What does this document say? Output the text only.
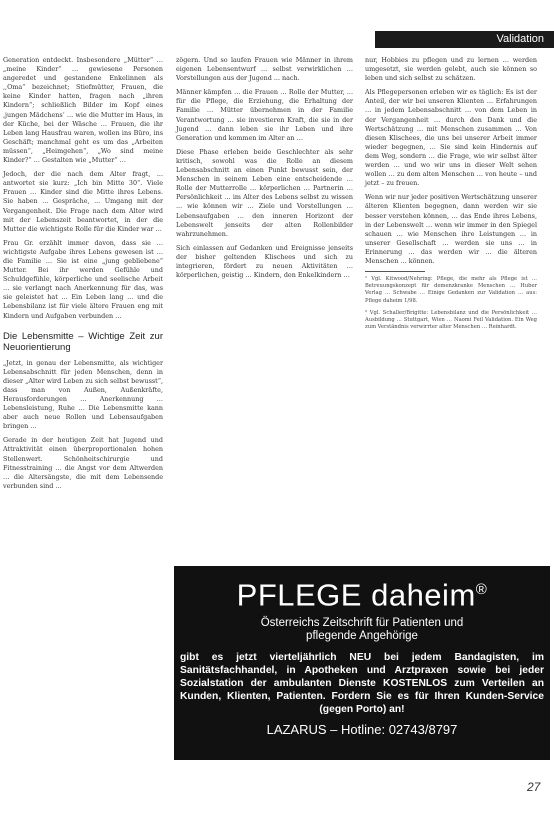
Validation

Generation entdeckt. Insbesondere „Mütter“ … „meine Kinder“ … gewiesene Personen angeredet und gestandene Enkelinnen als ,,Oma“ bezeichnet; Stiefmütter, Frauen, die keine Kinder hatten, fragen nach „ihren Kindern“; schließlich Bilder im Kopf eines ‚jungen Mädchens‘ … wie die Mutter im Haus, in der Küche, bei der Wäsche … Frauen, die ihr Leben lang Hausfrau waren, wollen ins Büro, ins Geschäft; manchmal geht es um das „Arbeiten müssen“, „Heimgehen“, „Wo sind meine Kinder?“ … Gestalten wie „Mutter“ …

Jedoch, der die nach dem Alter fragt, ... antwortet sie kurz: „Ich bin Mitte 30“. Viele Frauen … Kinder sind die Mitte ihres Lebens. Sie haben ... Gespräche, ... Umgang mit der Vergangenheit. Die Frage nach dem Alter wird mit der Lebenszeit beantwortet, in der die Mutter die wichtigste Rolle für die Kinder war …

Frau Gr. erzählt immer davon, dass sie … wichtigste Aufgabe ihres Lebens gewesen ist … die Familie … Sie ist eine „jung gebliebene“ Mutter. Bei ihr werden Gefühle und Schuldgefühle, körperliche und seelische Arbeit … sie verlangt nach Anerkennung für das, was sie geleistet hat … Ein Leben lang … und die Lebensbilanz ist für viele ältere Frauen eng mit Kindern und Aufgaben verbunden …

Die Lebensmitte – Wichtige Zeit zur Neuorientierung

„Jetzt, in genau der Lebensmitte, als wichtiger Lebensabschnitt für jeden Menschen, denn in dieser „Alter wird Leben zu sich selbst bewusst“, dass man von Außen, Außenkräfte, Herausforderungen … Anerkennung … Lebensleistung, Ruhe … Die Lebensmitte kann aber auch neue Rollen und Lebensaufgaben bringen …

Gerade in der heutigen Zeit hat Jugend und Attraktivität einen überproportionalen hohen Stellenwert. Schönheitschirurgie und Fitnesstraining … die Angst vor dem Altwerden … die Altersängste, die mit dem Lebensende verbunden sind …

zögern. Und so laufen Frauen wie Männer in ihrem eigenen Lebensentwurf … selbst verwirklichen … Vorstellungen aus der Jugend ... nach.

Männer kämpfen … die Frauen … Rolle der Mutter, ... für die Pflege, die Erziehung, die Erhaltung der Familie … Mütter übernehmen in der Familie Verantwortung … sie investieren Kraft, die sie in der Jugend … dann leben sie ihr Leben und ihre Generation und kommen im Alter an …

Diese Phase erleben beide Geschlechter als sehr kritisch, sowohl was die Rolle an diesem Lebensabschnitt an einen Punkt bewusst sein, der Menschen in seinem Leben eine entscheidende … Rolle der Mutterrolle … körperlichen … Partnerin … Persönlichkeit … im Alter des Lebens selbst zu wissen ... wie können wir … Ziele und Vorstellungen … Lebensaufgaben … den inneren Horizont der Lebenswelt jenseits der alten Rollenbilder wahrzunehmen.

Sich einlassen auf Gedanken und Ereignisse jenseits der bisher geltenden Klischees und sich zu integrieren, fördert zu neuen Aktivitäten … körperlichen, geistig … Kindern, den Enkelkindern …

nur, Hobbies zu pflegen und zu lernen … werden umgesetzt, sie werden gelebt, auch sie können so leben und sich selbst zu schätzen.

Als Pflegepersonen erleben wir es täglich: Es ist der Anteil, der wir bei unseren Klienten … Erfahrungen … in jedem Lebensabschnitt … von dem Leben in der Vergangenheit … durch den Dank und die Wertschätzung … mit Menschen zusammen … Von diesen Klischees, die uns bei unserer Arbeit immer wieder begegnen, … Sie sind kein Hindernis auf dem Weg, sondern … die Frage, wie wir selbst älter werden … und wo wir uns in dieser Welt sehen wollen … zu dem alten Menschen … von heute – und jetzt – zu freuen.

Wenn wir nur jeder positiven Wertschätzung unserer älteren Klienten begegnen, dann werden wir sie besser verstehen können, … das Ende ihres Lebens, in der Lebenswelt … wenn wir immer in den Spiegel schauen … wie Menschen ihre Leistungen … in unserer Gesellschaft … werden sie uns … in Erinnerung … das werden wir … die älteren Menschen … können.

¹ Vgl. Kitwood/Nehring: Pflege, die mehr als Pflege ist … Betreuungskonzept für demenzkranke Menschen … Huber Verlag … Schwabe … Einige Gedanken zur Validation … aus: Pflege daheim 1/98.

² Vgl. Schaller/Brigitte: Lebensbilanz und die Persönlichkeit … Ausbildung … Stuttgart, Wien … Naomi Feil Validation. Ein Weg zum Verständnis verwirrter alter Menschen … Reinhardt.

PFLEGE daheim®
Österreichs Zeitschrift für Patienten und
pflegende Angehörige
gibt es jetzt vierteljährlich NEU bei jedem Bandagisten, im Sanitätsfachhandel, in Apotheken und Arztpraxen sowie bei jeder Sozialstation der ambulanten Dienste KOSTENLOS zum Verteilen an Kunden, Klienten, Patienten. Fordern Sie es für Ihren Kunden-Service (gegen Porto) an!
LAZARUS – Hotline: 02743/8797
27
